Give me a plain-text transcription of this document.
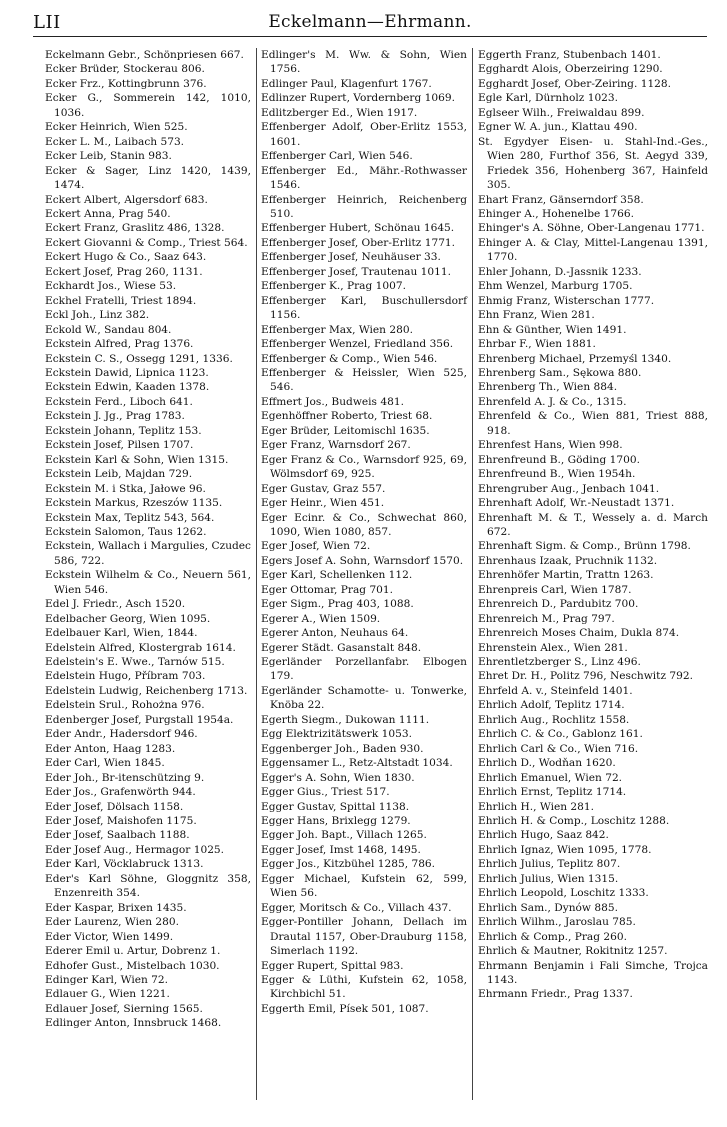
LII	Eckelmann—Ehrmann.

Eckelmann Gebr., Schönpriesen 667.

Ecker Brüder, Stockerau 806.

Ecker Frz., Kottingbrunn 376.

Ecker G., Sommerein 142, 1010, 1036.

Ecker Heinrich, Wien 525.

Ecker L. M., Laibach 573.

Ecker Leib, Stanin 983.

Ecker & Sager, Linz 1420, 1439, 1474.

Eckert Albert, Algersdorf 683.

Eckert Anna, Prag 540.

Eckert Franz, Graslitz 486, 1328.

Eckert Giovanni & Comp., Triest 564.

Eckert Hugo & Co., Saaz 643.

Eckert Josef, Prag 260, 1131.

Eckhardt Jos., Wiese 53.

Eckhel Fratelli, Triest 1894.

Eckl Joh., Linz 382.

Eckold W., Sandau 804.

Eckstein Alfred, Prag 1376.

Eckstein C. S., Ossegg 1291, 1336.

Eckstein Dawid, Lipnica 1123.

Eckstein Edwin, Kaaden 1378.

Eckstein Ferd., Liboch 641.

Eckstein J. Jg., Prag 1783.

Eckstein Johann, Teplitz 153.

Eckstein Josef, Pilsen 1707.

Eckstein Karl & Sohn, Wien 1315.

Eckstein Leib, Majdan 729.

Eckstein M. i Stka, Jałowe 96.

Eckstein Markus, Rzeszów 1135.

Eckstein Max, Teplitz 543, 564.

Eckstein Salomon, Taus 1262.

Eckstein, Wallach i Margulies, Czudec 586, 722.

Eckstein Wilhelm & Co., Neuern 561, Wien 546.

Edel J. Friedr., Asch 1520.

Edelbacher Georg, Wien 1095.

Edelbauer Karl, Wien, 1844.

Edelstein Alfred, Klostergrab 1614.

Edelstein's E. Wwe., Tarnów 515.

Edelstein Hugo, Příbram 703.

Edelstein Ludwig, Reichenberg 1713.

Edelstein Srul., Rohożna 976.

Edenberger Josef, Purgstall 1954a.

Eder Andr., Hadersdorf 946.

Eder Anton, Haag 1283.

Eder Carl, Wien 1845.

Eder Joh., Br-itenschützing 9.

Eder Jos., Grafenwörth 944.

Eder Josef, Dölsach 1158.

Eder Josef, Maishofen 1175.

Eder Josef, Saalbach 1188.

Eder Josef Aug., Hermagor 1025.

Eder Karl, Vöcklabruck 1313.

Eder's Karl Söhne, Gloggnitz 358, Enzenreith 354.

Eder Kaspar, Brixen 1435.

Eder Laurenz, Wien 280.

Eder Victor, Wien 1499.

Ederer Emil u. Artur, Dobrenz 1.

Edhofer Gust., Mistelbach 1030.

Edinger Karl, Wien 72.

Edlauer G., Wien 1221.

Edlauer Josef, Sierning 1565.

Edlinger Anton, Innsbruck 1468.

Edlinger's M. Ww. & Sohn, Wien 1756.

Edlinger Paul, Klagenfurt 1767.

Edlinzer Rupert, Vordernberg 1069.

Edlitzberger Ed., Wien 1917.

Effenberger Adolf, Ober-Erlitz 1553, 1601.

Effenberger Carl, Wien 546.

Effenberger Ed., Mähr.-Rothwasser 1546.

Effenberger Heinrich, Reichenberg 510.

Effenberger Hubert, Schönau 1645.

Effenberger Josef, Ober-Erlitz 1771.

Effenberger Josef, Neuhäuser 33.

Effenberger Josef, Trautenau 1011.

Effenberger K., Prag 1007.

Effenberger Karl, Buschullersdorf 1156.

Effenberger Max, Wien 280.

Effenberger Wenzel, Friedland 356.

Effenberger & Comp., Wien 546.

Effenberger & Heissler, Wien 525, 546.

Effmert Jos., Budweis 481.

Egenhöffner Roberto, Triest 68.

Eger Brüder, Leitomischl 1635.

Eger Franz, Warnsdorf 267.

Eger Franz & Co., Warnsdorf 925, 69, Wölmsdorf 69, 925.

Eger Gustav, Graz 557.

Eger Heinr., Wien 451.

Eger Ecinr. & Co., Schwechat 860, 1090, Wien 1080, 857.

Eger Josef, Wien 72.

Egers Josef A. Sohn, Warnsdorf 1570.

Eger Karl, Schellenken 112.

Eger Ottomar, Prag 701.

Eger Sigm., Prag 403, 1088.

Egerer A., Wien 1509.

Egerer Anton, Neuhaus 64.

Egerer Städt. Gasanstalt 848.

Egerländer Porzellanfabr. Elbogen 179.

Egerländer Schamotte- u. Tonwerke, Knöba 22.

Egerth Siegm., Dukowan 1111.

Egg Elektrizitätswerk 1053.

Eggenberger Joh., Baden 930.

Eggensamer L., Retz-Altstadt 1034.

Egger's A. Sohn, Wien 1830.

Egger Gius., Triest 517.

Egger Gustav, Spittal 1138.

Egger Hans, Brixlegg 1279.

Egger Joh. Bapt., Villach 1265.

Egger Josef, Imst 1468, 1495.

Egger Jos., Kitzbühel 1285, 786.

Egger Michael, Kufstein 62, 599, Wien 56.

Egger, Moritsch & Co., Villach 437.

Egger-Pontiller Johann, Dellach im Drautal 1157, Ober-Drauburg 1158, Simerlach 1192.

Egger Rupert, Spittal 983.

Egger & Lüthi, Kufstein 62, 1058, Kirchbichl 51.

Eggerth Emil, Písek 501, 1087.

Eggerth Franz, Stubenbach 1401.

Egghardt Alois, Oberzeiring 1290.

Egghardt Josef, Ober-Zeiring. 1128.

Egle Karl, Dürnholz 1023.

Eglseer Wilh., Freiwaldau 899.

Egner W. A. jun., Klattau 490.

St. Egydyer Eisen- u. Stahl-Ind.-Ges., Wien 280, Furthof 356, St. Aegyd 339, Friedek 356, Hohenberg 367, Hainfeld 305.

Ehart Franz, Gänserndorf 358.

Ehinger A., Hohenelbe 1766.

Ehinger's A. Söhne, Ober-Langenau 1771.

Ehinger A. & Clay, Mittel-Langenau 1391, 1770.

Ehler Johann, D.-Jassnik 1233.

Ehm Wenzel, Marburg 1705.

Ehmig Franz, Wisterschan 1777.

Ehn Franz, Wien 281.

Ehn & Günther, Wien 1491.

Ehrbar F., Wien 1881.

Ehrenberg Michael, Przemyśl 1340.

Ehrenberg Sam., Sękowa 880.

Ehrenberg Th., Wien 884.

Ehrenfeld A. J. & Co., 1315.

Ehrenfeld & Co., Wien 881, Triest 888, 918.

Ehrenfest Hans, Wien 998.

Ehrenfreund B., Göding 1700.

Ehrenfreund B., Wien 1954h.

Ehrengruber Aug., Jenbach 1041.

Ehrenhaft Adolf, Wr.-Neustadt 1371.

Ehrenhaft M. & T., Wessely a. d. March 672.

Ehrenhaft Sigm. & Comp., Brünn 1798.

Ehrenhaus Izaak, Pruchnik 1132.

Ehrenhöfer Martin, Trattn 1263.

Ehrenpreis Carl, Wien 1787.

Ehrenreich D., Pardubitz 700.

Ehrenreich M., Prag 797.

Ehrenreich Moses Chaim, Dukla 874.

Ehrenstein Alex., Wien 281.

Ehrentletzberger S., Linz 496.

Ehret Dr. H., Politz 796, Neschwitz 792.

Ehrfeld A. v., Steinfeld 1401.

Ehrlich Adolf, Teplitz 1714.

Ehrlich Aug., Rochlitz 1558.

Ehrlich C. & Co., Gablonz 161.

Ehrlich Carl & Co., Wien 716.

Ehrlich D., Wodňan 1620.

Ehrlich Emanuel, Wien 72.

Ehrlich Ernst, Teplitz 1714.

Ehrlich H., Wien 281.

Ehrlich H. & Comp., Loschitz 1288.

Ehrlich Hugo, Saaz 842.

Ehrlich Ignaz, Wien 1095, 1778.

Ehrlich Julius, Teplitz 807.

Ehrlich Julius, Wien 1315.

Ehrlich Leopold, Loschitz 1333.

Ehrlich Sam., Dynów 885.

Ehrlich Wilhm., Jaroslau 785.

Ehrlich & Comp., Prag 260.

Ehrlich & Mautner, Rokitnitz 1257.

Ehrmann Benjamin i Fali Simche, Trojca 1143.

Ehrmann Friedr., Prag 1337.
